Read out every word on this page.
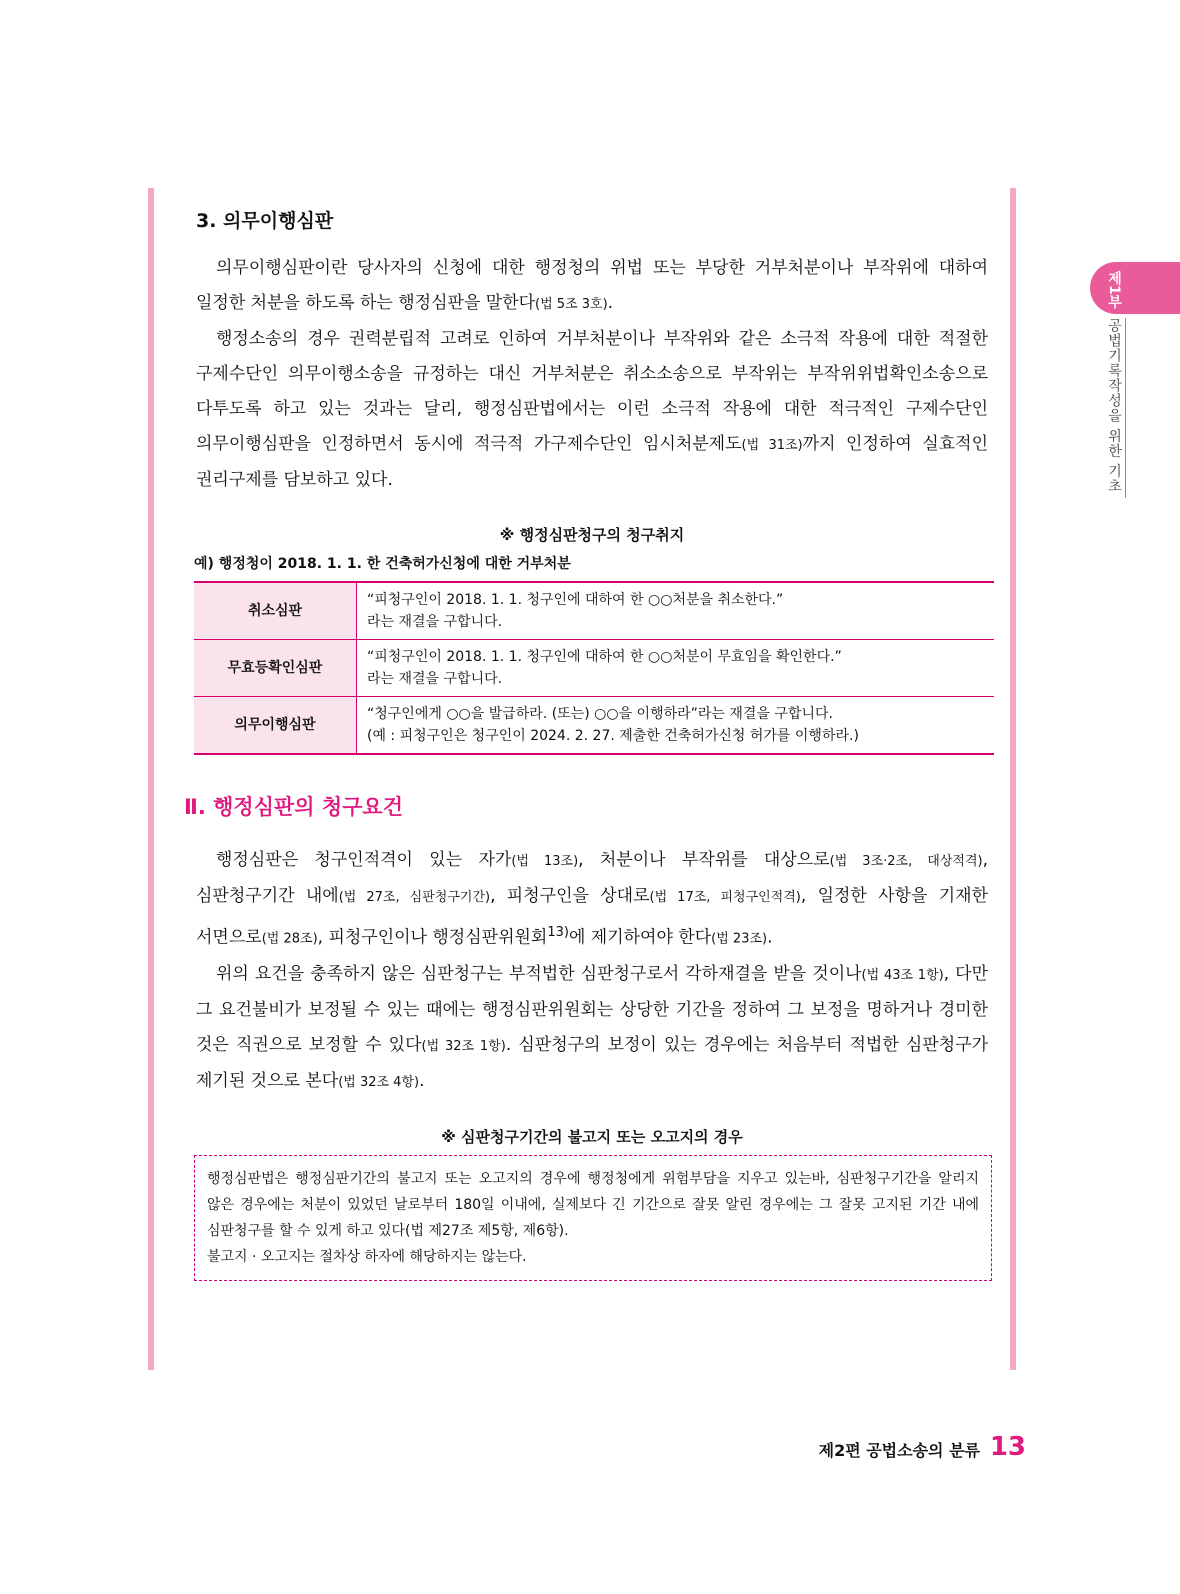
제1부
공법기록작성을 위한 기초
3. 의무이행심판

의무이행심판이란 당사자의 신청에 대한 행정청의 위법 또는 부당한 거부처분이나 부작위에 대하여 일정한 처분을 하도록 하는 행정심판을 말한다(법 5조 3호).

행정소송의 경우 권력분립적 고려로 인하여 거부처분이나 부작위와 같은 소극적 작용에 대한 적절한 구제수단인 의무이행소송을 규정하는 대신 거부처분은 취소소송으로 부작위는 부작위위법확인소송으로 다투도록 하고 있는 것과는 달리, 행정심판법에서는 이런 소극적 작용에 대한 적극적인 구제수단인 의무이행심판을 인정하면서 동시에 적극적 가구제수단인 임시처분제도(법 31조)까지 인정하여 실효적인 권리구제를 담보하고 있다.

※ 행정심판청구의 청구취지
예) 행정청이 2018. 1. 1. 한 건축허가신청에 대한 거부처분
취소심판	“피청구인이 2018. 1. 1. 청구인에 대하여 한 ○○처분을 취소한다.”
라는 재결을 구합니다.

무효등확인심판	“피청구인이 2018. 1. 1. 청구인에 대하여 한 ○○처분이 무효임을 확인한다.”
라는 재결을 구합니다.

의무이행심판	“청구인에게 ○○을 발급하라. (또는) ○○을 이행하라”라는 재결을 구합니다.
(예 : 피청구인은 청구인이 2024. 2. 27. 제출한 건축허가신청 허가를 이행하라.)
Ⅱ. 행정심판의 청구요건

행정심판은 청구인적격이 있는 자가(법 13조), 처분이나 부작위를 대상으로(법 3조·2조, 대상적격), 심판청구기간 내에(법 27조, 심판청구기간), 피청구인을 상대로(법 17조, 피청구인적격), 일정한 사항을 기재한 서면으로(법 28조), 피청구인이나 행정심판위원회$^{13)}$에 제기하여야 한다(법 23조).

위의 요건을 충족하지 않은 심판청구는 부적법한 심판청구로서 각하재결을 받을 것이나(법 43조 1항), 다만 그 요건불비가 보정될 수 있는 때에는 행정심판위원회는 상당한 기간을 정하여 그 보정을 명하거나 경미한 것은 직권으로 보정할 수 있다(법 32조 1항). 심판청구의 보정이 있는 경우에는 처음부터 적법한 심판청구가 제기된 것으로 본다(법 32조 4항).

※ 심판청구기간의 불고지 또는 오고지의 경우
행정심판법은 행정심판기간의 불고지 또는 오고지의 경우에 행정청에게 위험부담을 지우고 있는바, 심판청구기간을 알리지 않은 경우에는 처분이 있었던 날로부터 180일 이내에, 실제보다 긴 기간으로 잘못 알린 경우에는 그 잘못 고지된 기간 내에 심판청구를 할 수 있게 하고 있다(법 제27조 제5항, 제6항).
불고지 · 오고지는 절차상 하자에 해당하지는 않는다.
제2편 공법소송의 분류 13
